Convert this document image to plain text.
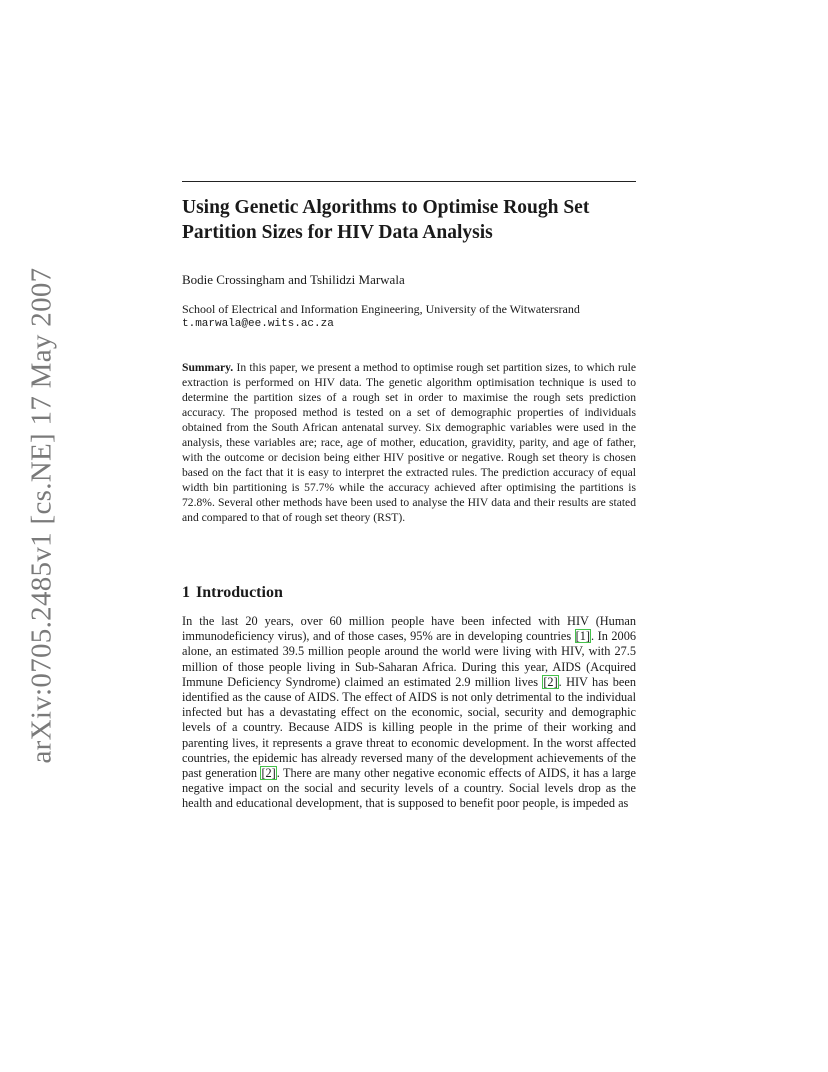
arXiv:0705.2485v1 [cs.NE] 17 May 2007
Using Genetic Algorithms to Optimise Rough Set Partition Sizes for HIV Data Analysis
Bodie Crossingham and Tshilidzi Marwala
School of Electrical and Information Engineering, University of the Witwatersrand
t.marwala@ee.wits.ac.za

Summary. In this paper, we present a method to optimise rough set partition sizes, to which rule extraction is performed on HIV data. The genetic algorithm optimisation technique is used to determine the partition sizes of a rough set in order to maximise the rough sets prediction accuracy. The proposed method is tested on a set of demographic properties of individuals obtained from the South African antenatal survey. Six demographic variables were used in the analysis, these variables are; race, age of mother, education, gravidity, parity, and age of father, with the outcome or decision being either HIV positive or negative. Rough set theory is chosen based on the fact that it is easy to interpret the extracted rules. The prediction accuracy of equal width bin partitioning is 57.7% while the accuracy achieved after optimising the partitions is 72.8%. Several other methods have been used to analyse the HIV data and their results are stated and compared to that of rough set theory (RST).

1 Introduction

In the last 20 years, over 60 million people have been infected with HIV (Human immunodeficiency virus), and of those cases, 95% are in developing countries [1]. In 2006 alone, an estimated 39.5 million people around the world were living with HIV, with 27.5 million of those people living in Sub-Saharan Africa. During this year, AIDS (Acquired Immune Deficiency Syndrome) claimed an estimated 2.9 million lives [2]. HIV has been identified as the cause of AIDS. The effect of AIDS is not only detrimental to the individual infected but has a devastating effect on the economic, social, security and demographic levels of a country. Because AIDS is killing people in the prime of their working and parenting lives, it represents a grave threat to economic development. In the worst affected countries, the epidemic has already reversed many of the development achievements of the past generation [2]. There are many other negative economic effects of AIDS, it has a large negative impact on the social and security levels of a country. Social levels drop as the health and educational development, that is supposed to benefit poor people, is impeded as
